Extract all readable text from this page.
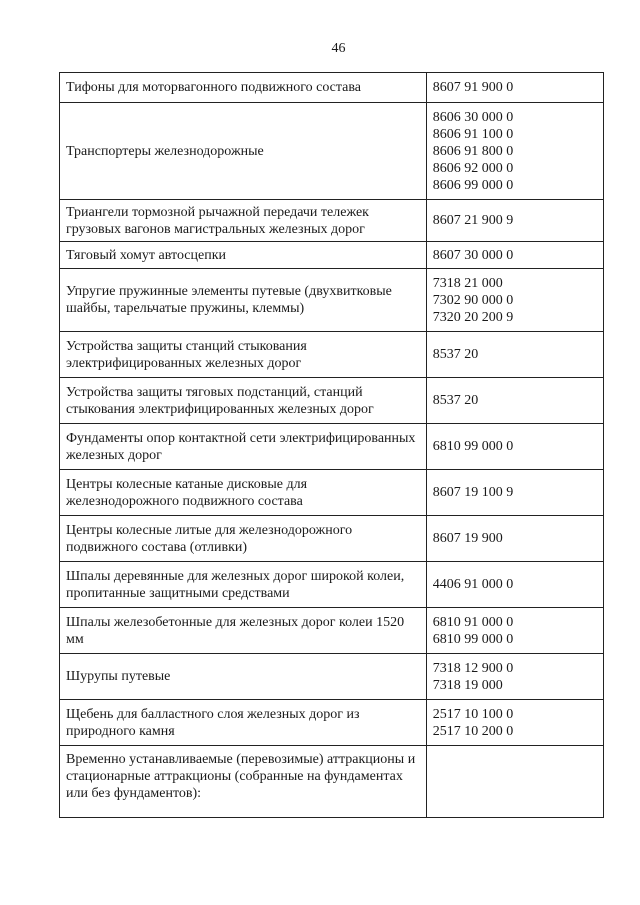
46
Тифоны для моторвагонного подвижного состава	8607 91 900 0

Транспортеры железнодорожные	8606 30 000 0
8606 91 100 0
8606 91 800 0
8606 92 000 0
8606 99 000 0

Триангели тормозной рычажной передачи тележек грузовых вагонов магистральных железных дорог	8607 21 900 9

Тяговый хомут автосцепки	8607 30 000 0

Упругие пружинные элементы путевые (двухвитковые шайбы, тарельчатые пружины, клеммы)	7318 21 000
7302 90 000 0
7320 20 200 9

Устройства защиты станций стыкования электрифицированных железных дорог	8537 20

Устройства защиты тяговых подстанций, станций стыкования электрифицированных железных дорог	8537 20

Фундаменты опор контактной сети электрифицированных железных дорог	6810 99 000 0

Центры колесные катаные дисковые для железнодорожного подвижного состава	8607 19 100 9

Центры колесные литые для железнодорожного подвижного состава (отливки)	8607 19 900

Шпалы деревянные для железных дорог широкой колеи, пропитанные защитными средствами	4406 91 000 0

Шпалы железобетонные для железных дорог колеи 1520 мм	6810 91 000 0
6810 99 000 0

Шурупы путевые	7318 12 900 0
7318 19 000

Щебень для балластного слоя железных дорог из природного камня	2517 10 100 0
2517 10 200 0

Временно устанавливаемые (перевозимые) аттракционы и стационарные аттракционы (собранные на фундаментах или без фундаментов):	
